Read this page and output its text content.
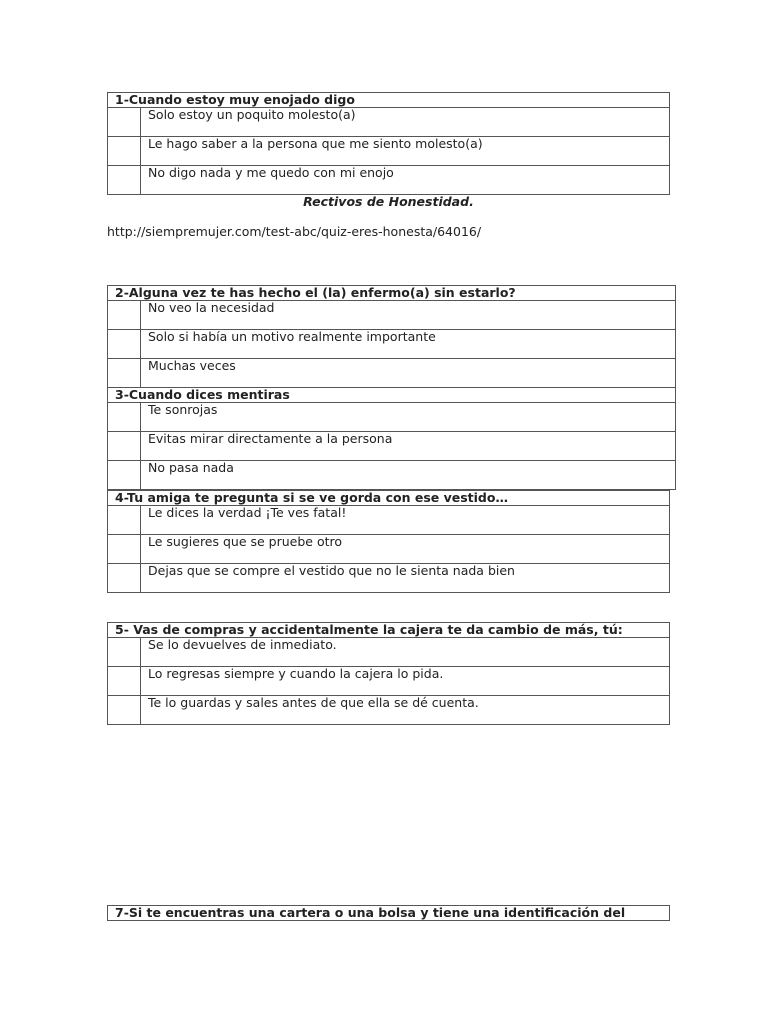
1-Cuando estoy muy enojado digo	
	Solo estoy un poquito molesto(a)
	Le hago saber a la persona que me siento molesto(a)
	No digo nada y me quedo con mi enojo

Rectivos de Honestidad.

http://siempremujer.com/test-abc/quiz-eres-honesta/64016/

2-Alguna vez te has hecho el (la) enfermo(a) sin estarlo?	
	No veo la necesidad
	Solo si había un motivo realmente importante
	Muchas veces
3-Cuando dices mentiras	
	Te sonrojas
	Evitas mirar directamente a la persona
	No pasa nada
4-Tu amiga te pregunta si se ve gorda con ese vestido…	
	Le dices la verdad ¡Te ves fatal!
	Le sugieres que se pruebe otro
	Dejas que se compre el vestido que no le sienta nada bien
5- Vas de compras y accidentalmente la cajera te da cambio de más, tú:	
	Se lo devuelves de inmediato.
	Lo regresas siempre y cuando la cajera lo pida.
	Te lo guardas y sales antes de que ella se dé cuenta.
7-Si te encuentras una cartera o una bolsa y tiene una identificación del
